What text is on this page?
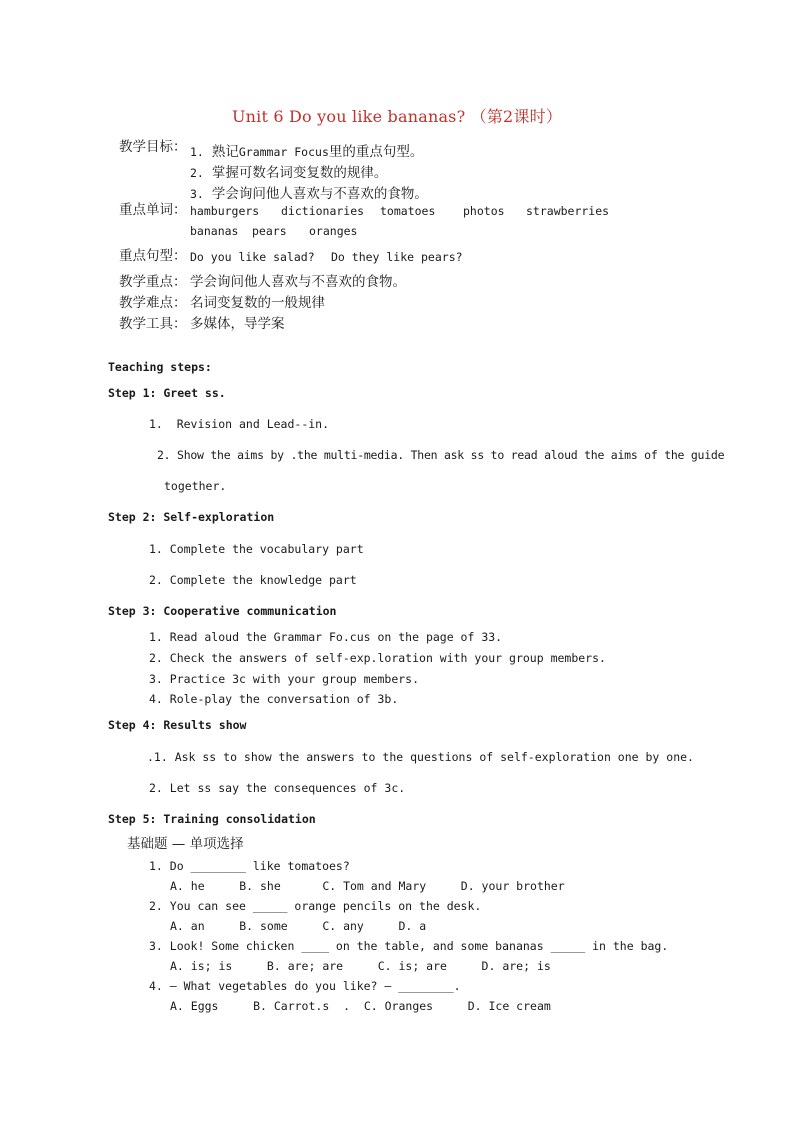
Unit 6 Do you like bananas? （第2课时）
教学目标： 1. 熟记 Grammar Focus 里的重点句型。
2. 掌握可数名词变复数的规律。
3. 学会询问他人喜欢与不喜欢的食物。
重点单词： hamburgers dictionaries tomatoes photos strawberries
bananas pears oranges
重点句型： Do you like salad? Do they like pears?
教学重点： 学会询问他人喜欢与不喜欢的食物。
教学难点： 名词变复数的一般规律
教学工具： 多媒体，导学案
Teaching steps:
Step 1: Greet ss.
1.  Revision and Lead--in.
2. Show the aims by .the multi-media. Then ask ss to read aloud the aims of the guide
together.
Step 2: Self-exploration
1. Complete the vocabulary part
2. Complete the knowledge part
Step 3: Cooperative communication
1. Read aloud the Grammar Fo.cus on the page of 33.
2. Check the answers of self-exp.loration with your group members.
3. Practice 3c with your group members.
4. Role-play the conversation of 3b.
Step 4: Results show
.1. Ask ss to show the answers to the questions of self-exploration one by one.
2. Let ss say the consequences of 3c.
Step 5: Training consolidation
基础题 — 单项选择
1. Do ________ like tomatoes?
A. he     B. she      C. Tom and Mary     D. your brother
2. You can see _____ orange pencils on the desk.
A. an     B. some     C. any     D. a
3. Look! Some chicken ____ on the table, and some bananas _____ in the bag.
A. is; is     B. are; are     C. is; are     D. are; is
4. — What vegetables do you like? — ________.
A. Eggs     B. Carrot.s  .  C. Oranges     D. Ice cream
